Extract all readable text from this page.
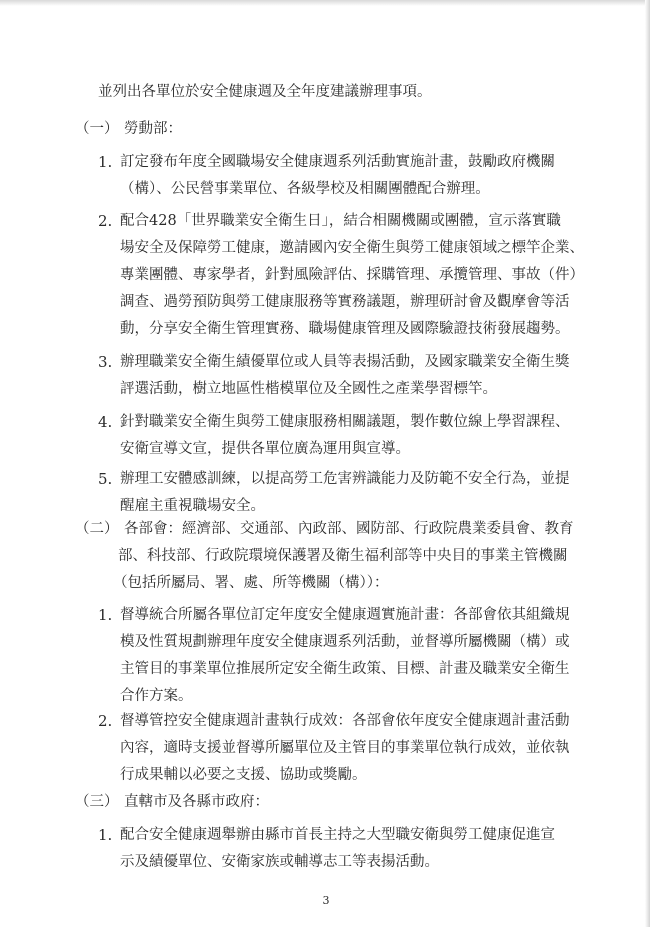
並列出各單位於安全健康週及全年度建議辦理事項。
（一） 勞動部：
1. 訂定發布年度全國職場安全健康週系列活動實施計畫，鼓勵政府機關
（構）、公民營事業單位、各級學校及相關團體配合辦理。
2. 配合428「世界職業安全衛生日」，結合相關機關或團體，宣示落實職
場安全及保障勞工健康，邀請國內安全衛生與勞工健康領域之標竿企業、
專業團體、專家學者，針對風險評估、採購管理、承攬管理、事故（件）
調查、過勞預防與勞工健康服務等實務議題，辦理研討會及觀摩會等活
動，分享安全衛生管理實務、職場健康管理及國際驗證技術發展趨勢。
3. 辦理職業安全衛生績優單位或人員等表揚活動，及國家職業安全衛生獎
評選活動，樹立地區性楷模單位及全國性之產業學習標竿。
4. 針對職業安全衛生與勞工健康服務相關議題，製作數位線上學習課程、
安衛宣導文宣，提供各單位廣為運用與宣導。
5. 辦理工安體感訓練，以提高勞工危害辨識能力及防範不安全行為，並提
醒雇主重視職場安全。
（二） 各部會：經濟部、交通部、內政部、國防部、行政院農業委員會、教育
部、科技部、行政院環境保護署及衛生福利部等中央目的事業主管機關
（包括所屬局、署、處、所等機關（構））：
1. 督導統合所屬各單位訂定年度安全健康週實施計畫：各部會依其組織規
模及性質規劃辦理年度安全健康週系列活動，並督導所屬機關（構）或
主管目的事業單位推展所定安全衛生政策、目標、計畫及職業安全衛生
合作方案。
2. 督導管控安全健康週計畫執行成效：各部會依年度安全健康週計畫活動
內容，適時支援並督導所屬單位及主管目的事業單位執行成效，並依執
行成果輔以必要之支援、協助或獎勵。
（三） 直轄市及各縣市政府：
1. 配合安全健康週舉辦由縣市首長主持之大型職安衛與勞工健康促進宣
示及績優單位、安衛家族或輔導志工等表揚活動。
3
